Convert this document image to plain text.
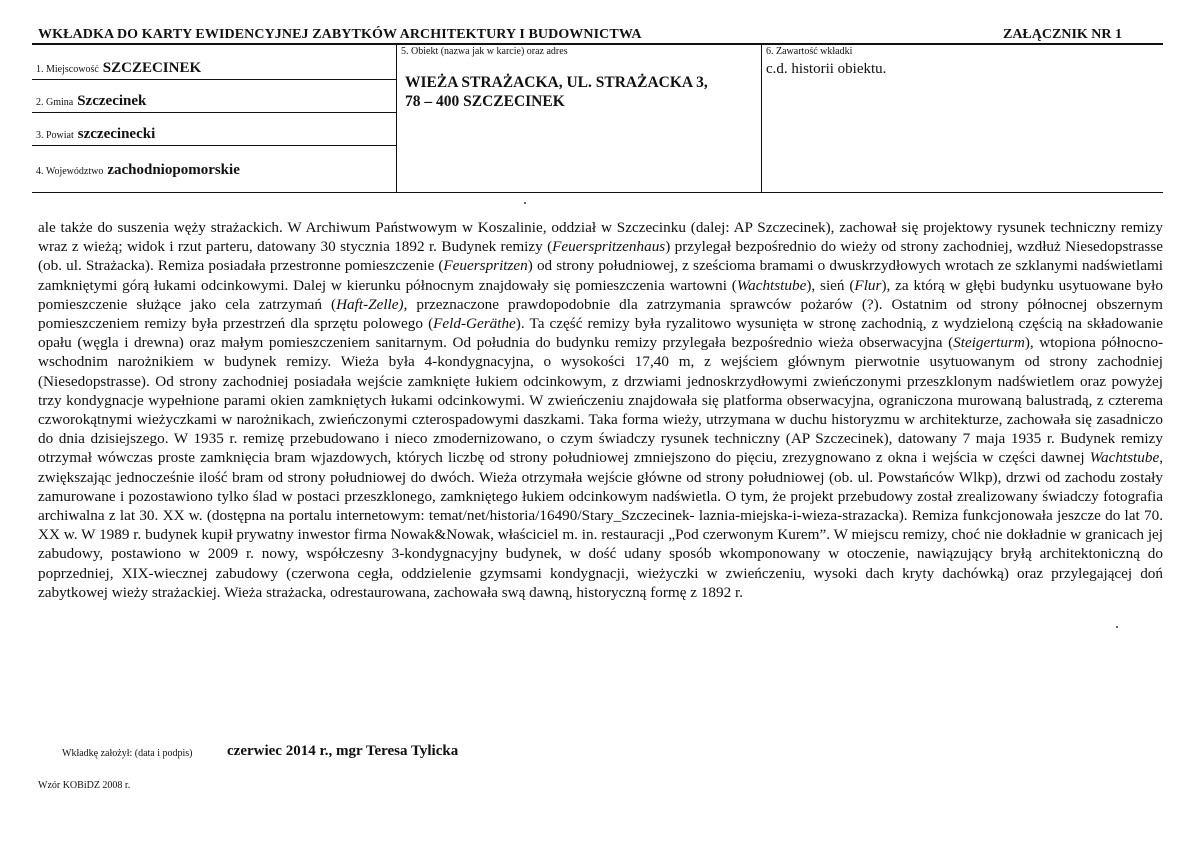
WKŁADKA DO KARTY EWIDENCYJNEJ ZABYTKÓW ARCHITEKTURY I BUDOWNICTWA	ZAŁĄCZNIK NR 1
1. Miejscowość SZCZECINEK
2. Gmina Szczecinek
3. Powiat szczecinecki
4. Województwo zachodniopomorskie
5. Obiekt (nazwa jak w karcie) oraz adres
WIEŻA STRAŻACKA, UL. STRAŻACKA 3,
78 – 400 SZCZECINEK
6. Zawartość wkładki
c.d. historii obiektu.

ale także do suszenia węży strażackich. W Archiwum Państwowym w Koszalinie, oddział w Szczecinku (dalej: AP Szczecinek), zachował się projektowy rysunek techniczny remizy wraz z wieżą; widok i rzut parteru, datowany 30 stycznia 1892 r. Budynek remizy (Feuerspritzenhaus) przylegał bezpośrednio do wieży od strony zachodniej, wzdłuż Niesedopstrasse (ob. ul. Strażacka). Remiza posiadała przestronne pomieszczenie (Feuerspritzen) od strony południowej, z sześcioma bramami o dwuskrzydłowych wrotach ze szklanymi nadświetlami zamkniętymi górą łukami odcinkowymi. Dalej w kierunku północnym znajdowały się pomieszczenia wartowni (Wachtstube), sień (Flur), za którą w głębi budynku usytuowane było pomieszczenie służące jako cela zatrzymań (Haft-Zelle), przeznaczone prawdopodobnie dla zatrzymania sprawców pożarów (?). Ostatnim od strony północnej obszernym pomieszczeniem remizy była przestrzeń dla sprzętu polowego (Feld-Geräthe). Ta część remizy była ryzalitowo wysunięta w stronę zachodnią, z wydzieloną częścią na składowanie opału (węgla i drewna) oraz małym pomieszczeniem sanitarnym. Od południa do budynku remizy przylegała bezpośrednio wieża obserwacyjna (Steigerturm), wtopiona północno-wschodnim narożnikiem w budynek remizy. Wieża była 4-kondygnacyjna, o wysokości 17,40 m, z wejściem głównym pierwotnie usytuowanym od strony zachodniej (Niesedopstrasse). Od strony zachodniej posiadała wejście zamknięte łukiem odcinkowym, z drzwiami jednoskrzydłowymi zwieńczonymi przeszklonym nadświetlem oraz powyżej trzy kondygnacje wypełnione parami okien zamkniętych łukami odcinkowymi. W zwieńczeniu znajdowała się platforma obserwacyjna, ograniczona murowaną balustradą, z czterema czworokątnymi wieżyczkami w narożnikach, zwieńczonymi czterospadowymi daszkami. Taka forma wieży, utrzymana w duchu historyzmu w architekturze, zachowała się zasadniczo do dnia dzisiejszego. W 1935 r. remizę przebudowano i nieco zmodernizowano, o czym świadczy rysunek techniczny (AP Szczecinek), datowany 7 maja 1935 r. Budynek remizy otrzymał wówczas proste zamknięcia bram wjazdowych, których liczbę od strony południowej zmniejszono do pięciu, zrezygnowano z okna i wejścia w części dawnej Wachtstube, zwiększając jednocześnie ilość bram od strony południowej do dwóch. Wieża otrzymała wejście główne od strony południowej (ob. ul. Powstańców Wlkp), drzwi od zachodu zostały zamurowane i pozostawiono tylko ślad w postaci przeszklonego, zamkniętego łukiem odcinkowym nadświetla. O tym, że projekt przebudowy został zrealizowany świadczy fotografia archiwalna z lat 30. XX w. (dostępna na portalu internetowym: temat/net/historia/16490/Stary_Szczecinek- laznia-miejska-i-wieza-strazacka). Remiza funkcjonowała jeszcze do lat 70. XX w. W 1989 r. budynek kupił prywatny inwestor firma Nowak&Nowak, właściciel m. in. restauracji „Pod czerwonym Kurem”. W miejscu remizy, choć nie dokładnie w granicach jej zabudowy, postawiono w 2009 r. nowy, współczesny 3-kondygnacyjny budynek, w dość udany sposób wkomponowany w otoczenie, nawiązujący bryłą architektoniczną do poprzedniej, XIX-wiecznej zabudowy (czerwona cegła, oddzielenie gzymsami kondygnacji, wieżyczki w zwieńczeniu, wysoki dach kryty dachówką) oraz przylegającej doń zabytkowej wieży strażackiej. Wieża strażacka, odrestaurowana, zachowała swą dawną, historyczną formę z 1892 r.

Wkładkę założył: (data i podpis) czerwiec 2014 r., mgr Teresa Tylicka
Wzór KOBiDZ 2008 r.
